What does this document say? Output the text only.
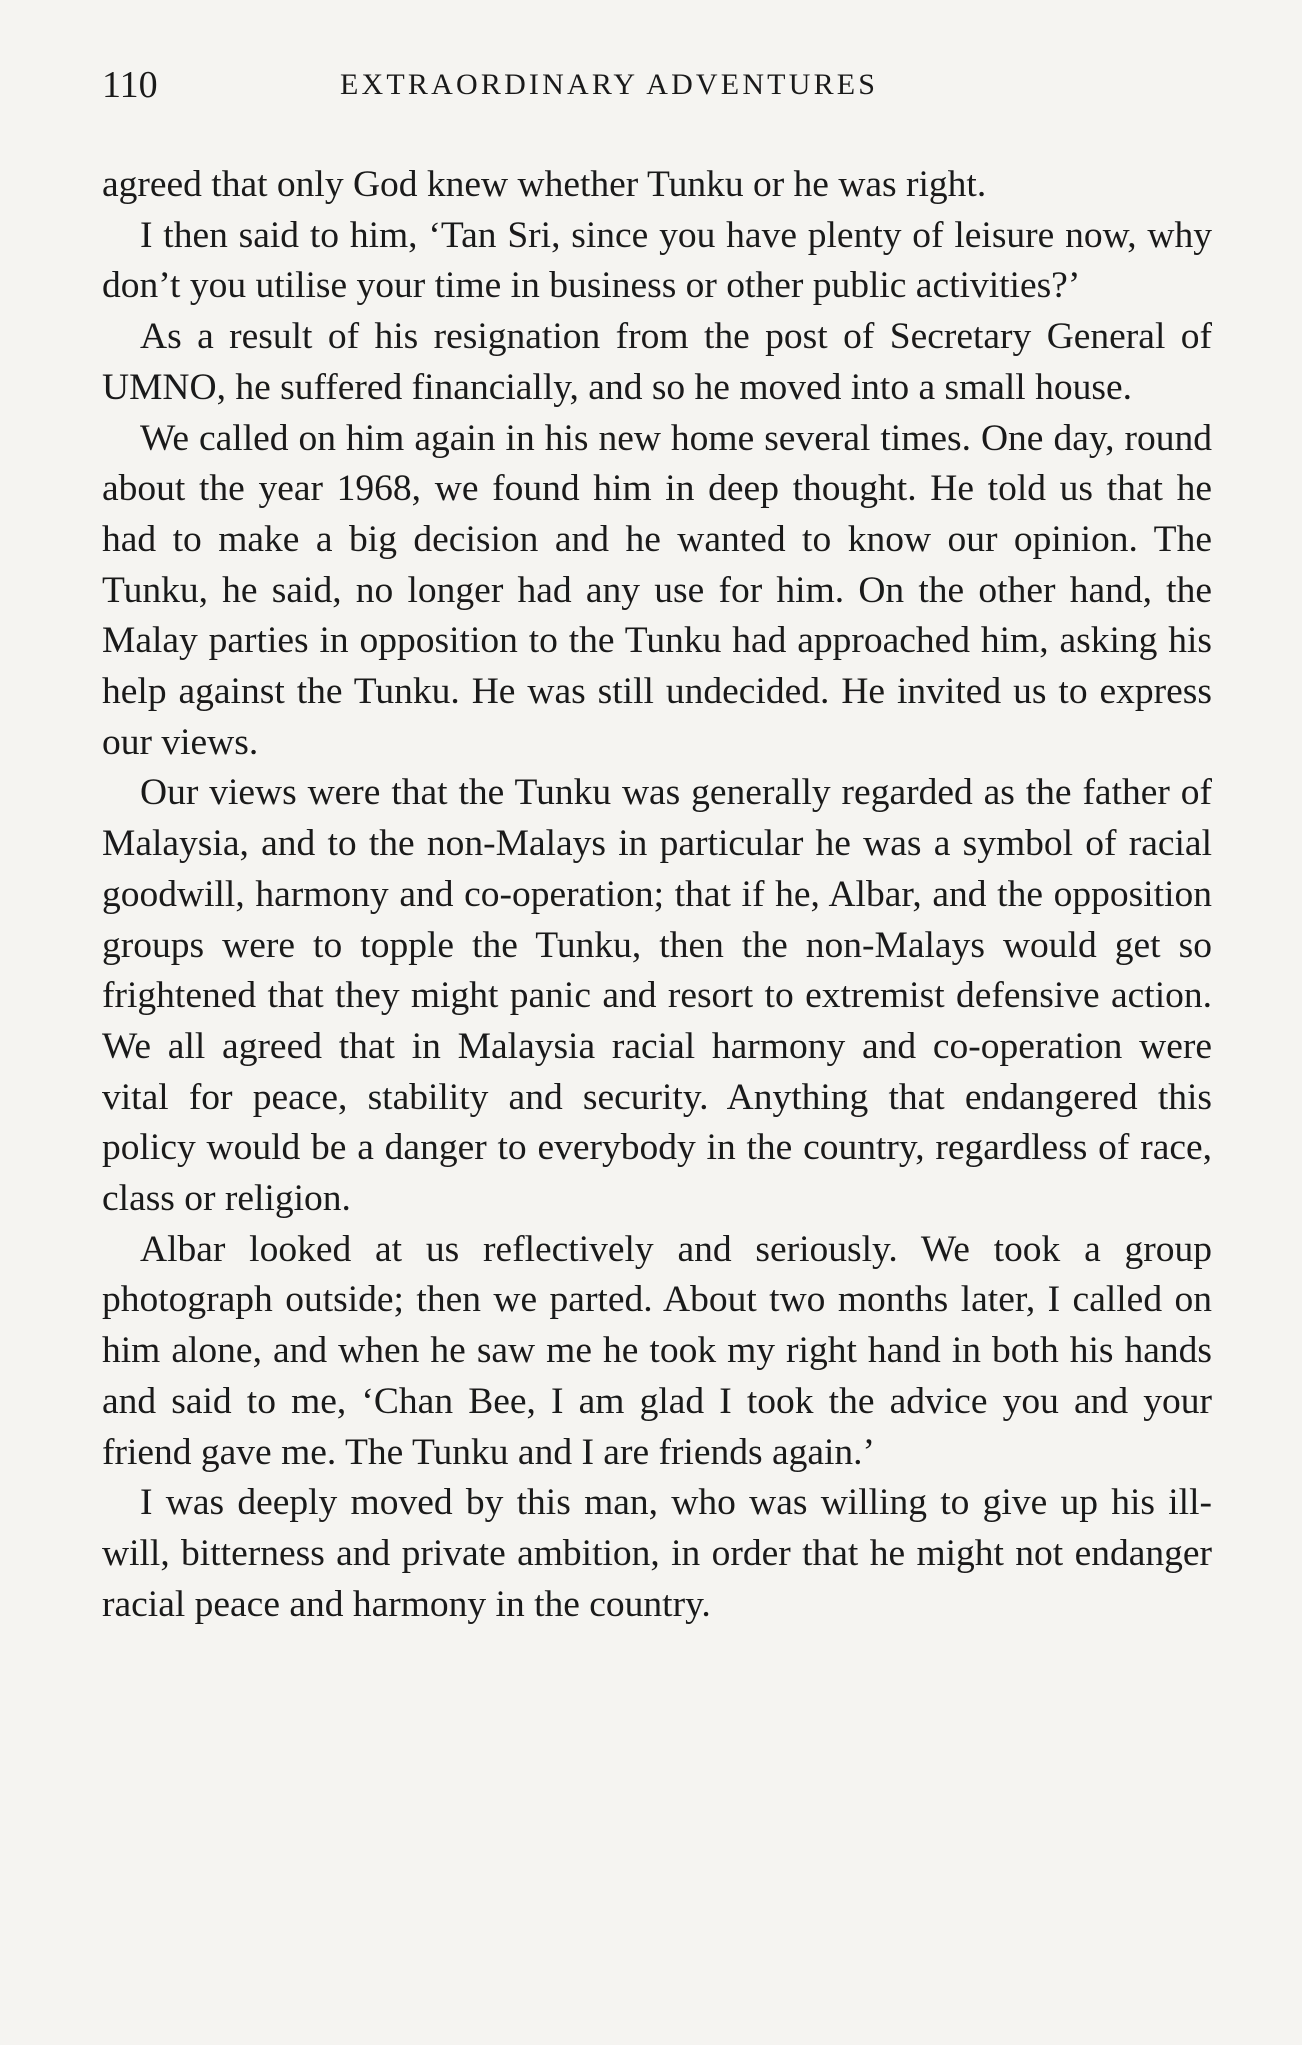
110	EXTRAORDINARY ADVENTURES

agreed that only God knew whether Tunku or he was right.

I then said to him, ‘Tan Sri, since you have plenty of leisure now, why don’t you utilise your time in business or other public activities?’

As a result of his resignation from the post of Secretary General of UMNO, he suffered financially, and so he moved into a small house.

We called on him again in his new home several times. One day, round about the year 1968, we found him in deep thought. He told us that he had to make a big decision and he wanted to know our opinion. The Tunku, he said, no longer had any use for him. On the other hand, the Malay parties in opposition to the Tunku had approached him, asking his help against the Tunku. He was still undecided. He invited us to express our views.

Our views were that the Tunku was generally regarded as the father of Malaysia, and to the non-Malays in particular he was a symbol of racial goodwill, harmony and co-operation; that if he, Albar, and the opposition groups were to topple the Tunku, then the non-Malays would get so frightened that they might panic and resort to extremist defensive action. We all agreed that in Malaysia racial harmony and co-operation were vital for peace, stability and security. Anything that endangered this policy would be a danger to everybody in the country, regardless of race, class or religion.

Albar looked at us reflectively and seriously. We took a group photograph outside; then we parted. About two months later, I called on him alone, and when he saw me he took my right hand in both his hands and said to me, ‘Chan Bee, I am glad I took the advice you and your friend gave me. The Tunku and I are friends again.’

I was deeply moved by this man, who was willing to give up his ill-will, bitterness and private ambition, in order that he might not endanger racial peace and harmony in the country.
